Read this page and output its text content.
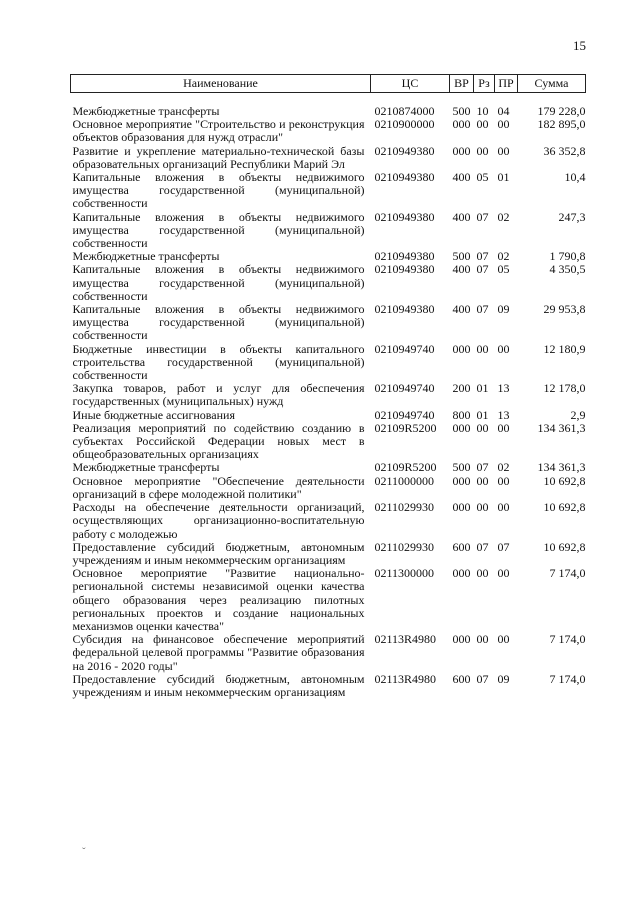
15
Наименование	ЦС	ВР	Рз	ПР	Сумма
Межбюджетные трансферты	0210874000	500	10	04	179 228,0
Основное мероприятие "Строительство и реконструкция объектов образования для нужд отрасли"	0210900000	000	00	00	182 895,0
Развитие и укрепление материально-технической базы образовательных организаций Республики Марий Эл	0210949380	000	00	00	36 352,8
Капитальные вложения в объекты недвижимого имущества государственной (муниципальной) собственности	0210949380	400	05	01	10,4
Капитальные вложения в объекты недвижимого имущества государственной (муниципальной) собственности	0210949380	400	07	02	247,3
Межбюджетные трансферты	0210949380	500	07	02	1 790,8
Капитальные вложения в объекты недвижимого имущества государственной (муниципальной) собственности	0210949380	400	07	05	4 350,5
Капитальные вложения в объекты недвижимого имущества государственной (муниципальной) собственности	0210949380	400	07	09	29 953,8
Бюджетные инвестиции в объекты капитального строительства государственной (муниципальной) собственности	0210949740	000	00	00	12 180,9
Закупка товаров, работ и услуг для обеспечения государственных (муниципальных) нужд	0210949740	200	01	13	12 178,0
Иные бюджетные ассигнования	0210949740	800	01	13	2,9
Реализация мероприятий по содействию созданию в субъектах Российской Федерации новых мест в общеобразовательных организациях	02109R5200	000	00	00	134 361,3
Межбюджетные трансферты	02109R5200	500	07	02	134 361,3
Основное мероприятие "Обеспечение деятельности организаций в сфере молодежной политики"	0211000000	000	00	00	10 692,8
Расходы на обеспечение деятельности организаций, осуществляющих организационно-воспитательную работу с молодежью	0211029930	000	00	00	10 692,8
Предоставление субсидий бюджетным, автономным учреждениям и иным некоммерческим организациям	0211029930	600	07	07	10 692,8
Основное мероприятие "Развитие национально-региональной системы независимой оценки качества общего образования через реализацию пилотных региональных проектов и создание национальных механизмов оценки качества"	0211300000	000	00	00	7 174,0
Субсидия на финансовое обеспечение мероприятий федеральной целевой программы "Развитие образования на 2016 - 2020 годы"	02113R4980	000	00	00	7 174,0
Предоставление субсидий бюджетным, автономным учреждениям и иным некоммерческим организациям	02113R4980	600	07	09	7 174,0
ˇ
